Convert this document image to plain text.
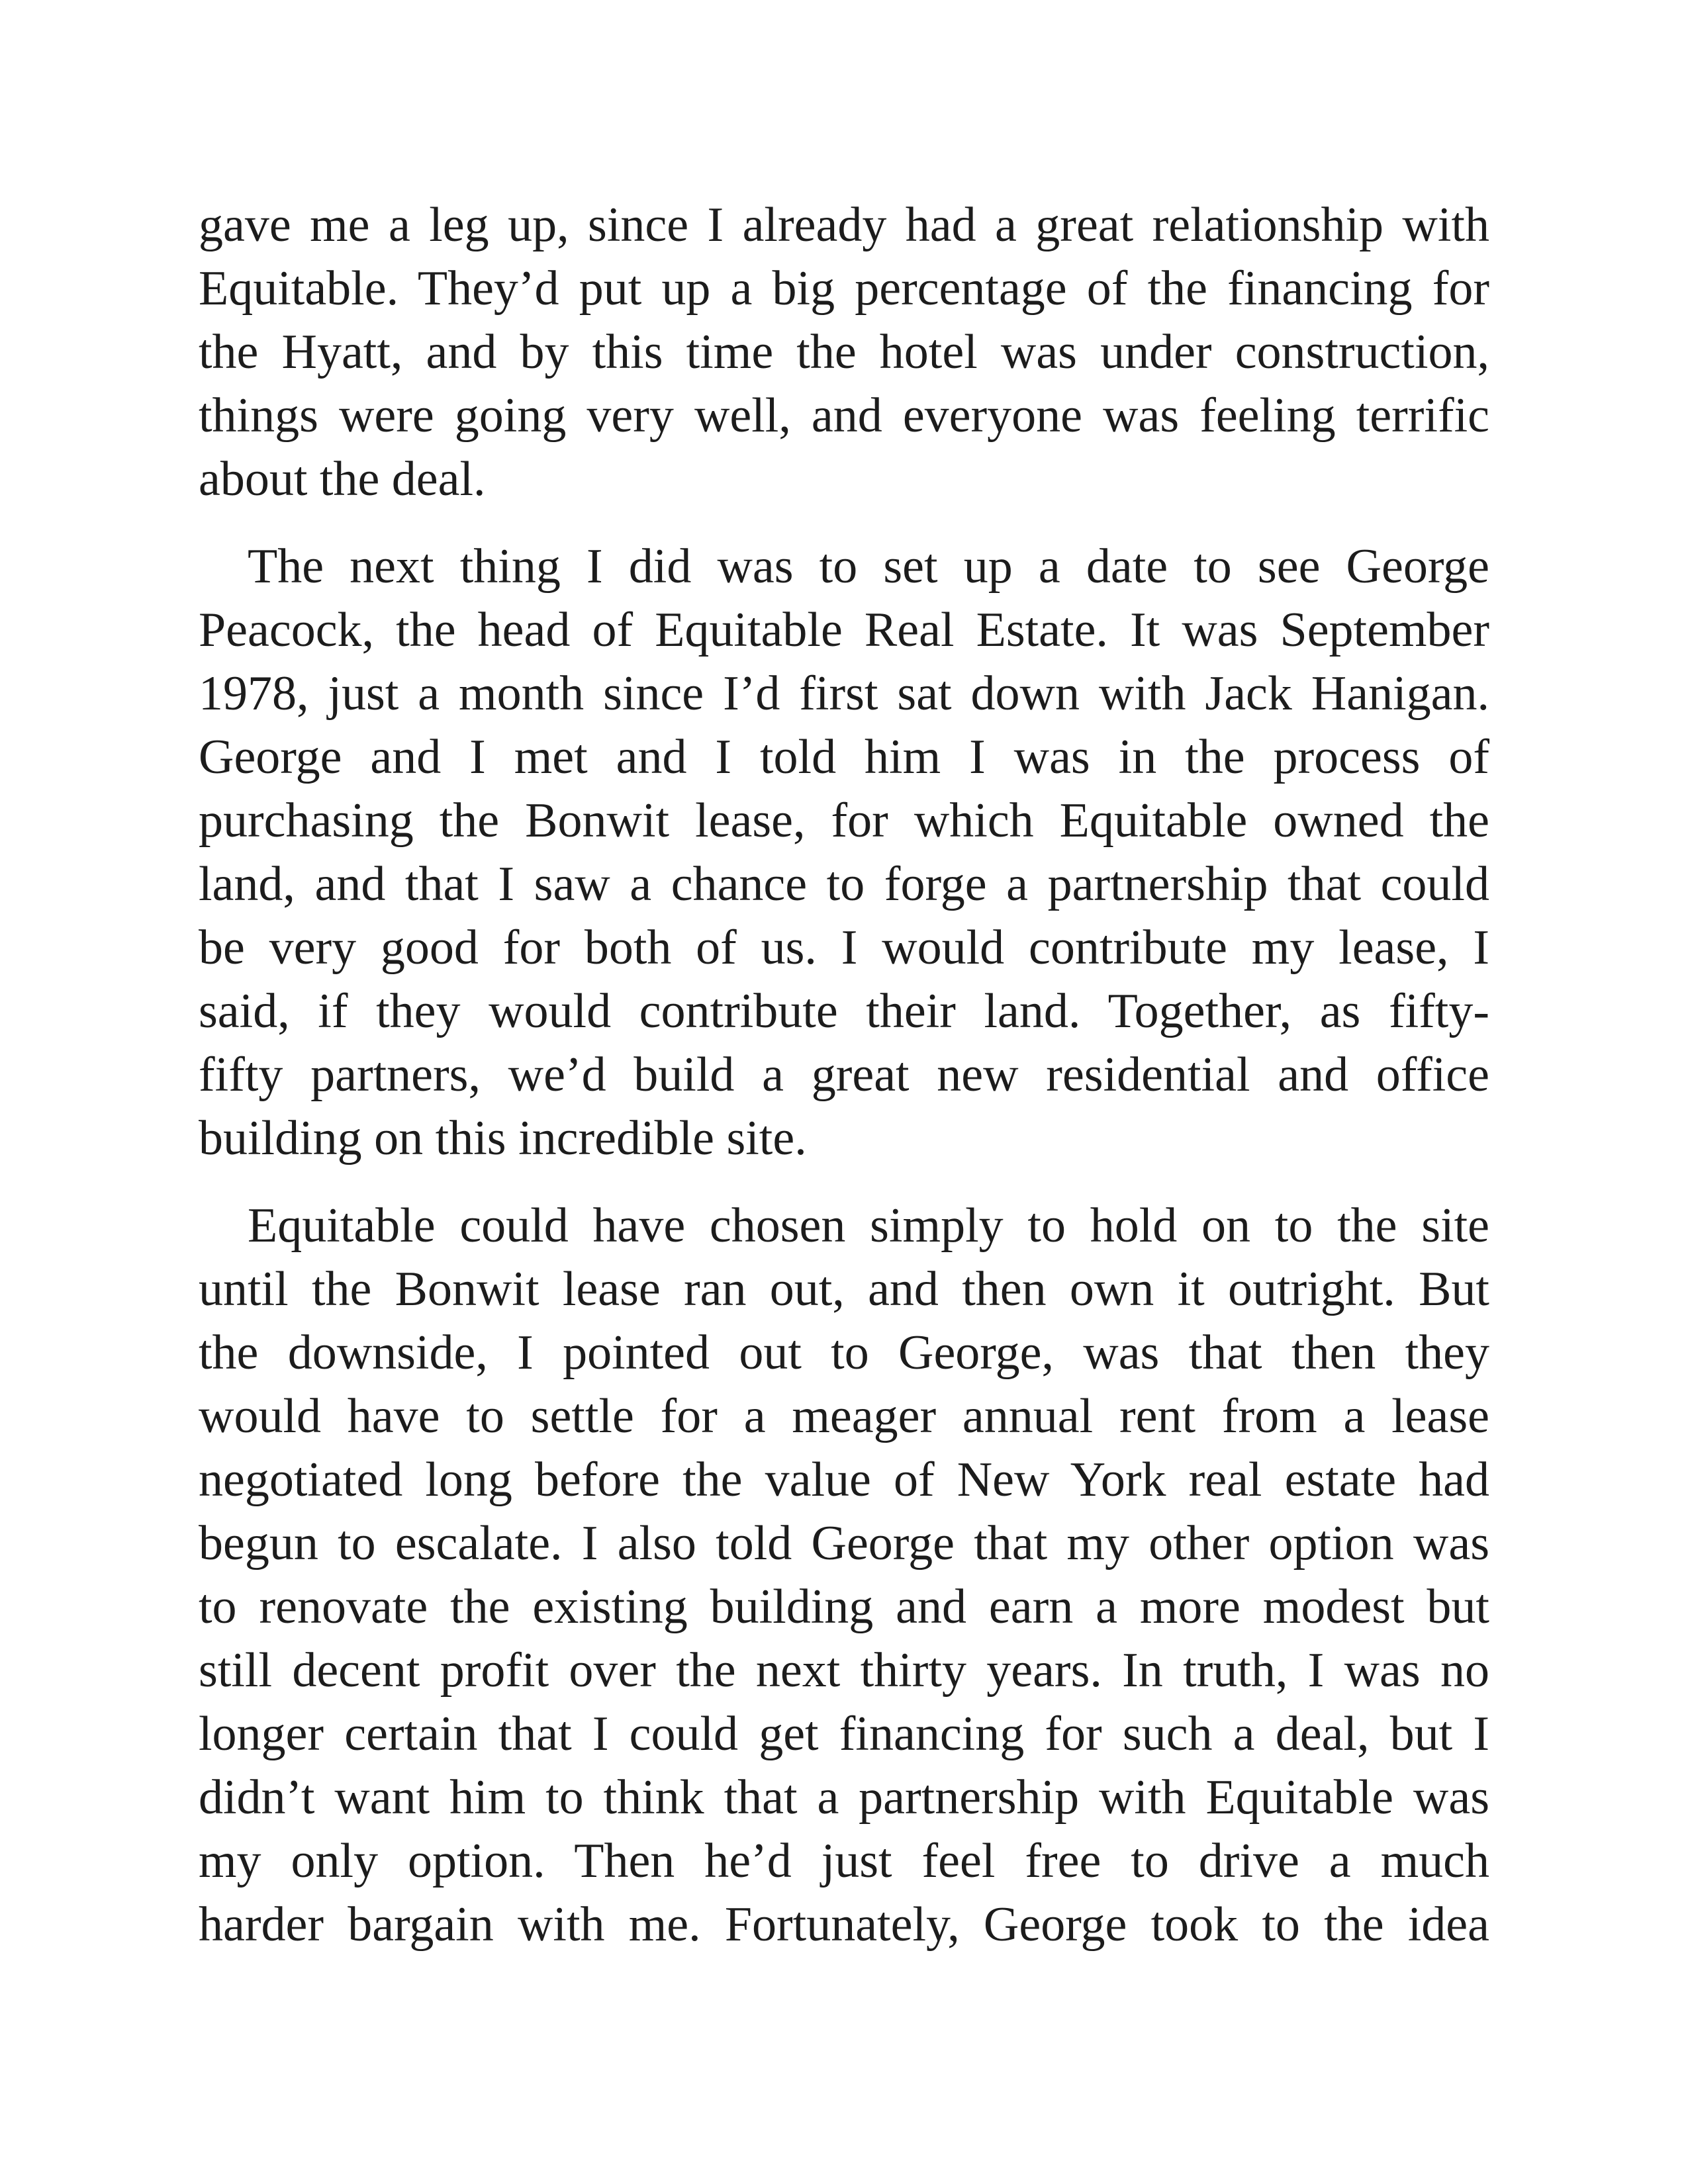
gave me a leg up, since I already had a great relationship with
Equitable. They’d put up a big percentage of the financing for
the Hyatt, and by this time the hotel was under construction,
things were going very well, and everyone was feeling terrific
about the deal.

The next thing I did was to set up a date to see George
Peacock, the head of Equitable Real Estate. It was September
1978, just a month since I’d first sat down with Jack Hanigan.
George and I met and I told him I was in the process of
purchasing the Bonwit lease, for which Equitable owned the
land, and that I saw a chance to forge a partnership that could
be very good for both of us. I would contribute my lease, I
said, if they would contribute their land. Together, as fifty-
fifty partners, we’d build a great new residential and office
building on this incredible site.

Equitable could have chosen simply to hold on to the site
until the Bonwit lease ran out, and then own it outright. But
the downside, I pointed out to George, was that then they
would have to settle for a meager annual rent from a lease
negotiated long before the value of New York real estate had
begun to escalate. I also told George that my other option was
to renovate the existing building and earn a more modest but
still decent profit over the next thirty years. In truth, I was no
longer certain that I could get financing for such a deal, but I
didn’t want him to think that a partnership with Equitable was
my only option. Then he’d just feel free to drive a much
harder bargain with me. Fortunately, George took to the idea
